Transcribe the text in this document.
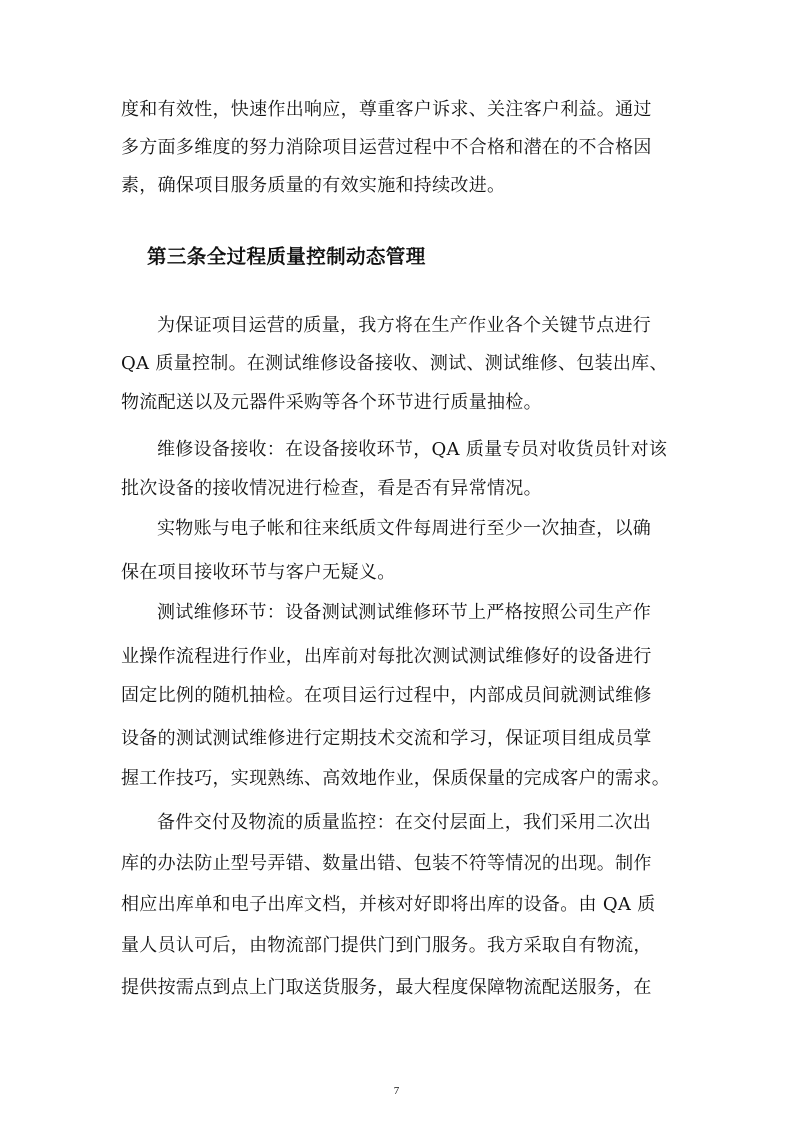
度和有效性，快速作出响应，尊重客户诉求、关注客户利益。通过
多方面多维度的努力消除项目运营过程中不合格和潜在的不合格因
素，确保项目服务质量的有效实施和持续改进。
第三条全过程质量控制动态管理
为保证项目运营的质量，我方将在生产作业各个关键节点进行
QA 质量控制。在测试维修设备接收、测试、测试维修、包装出库、
物流配送以及元器件采购等各个环节进行质量抽检。
维修设备接收：在设备接收环节，QA 质量专员对收货员针对该
批次设备的接收情况进行检查，看是否有异常情况。
实物账与电子帐和往来纸质文件每周进行至少一次抽查，以确
保在项目接收环节与客户无疑义。
测试维修环节：设备测试测试维修环节上严格按照公司生产作
业操作流程进行作业，出库前对每批次测试测试维修好的设备进行
固定比例的随机抽检。在项目运行过程中，内部成员间就测试维修
设备的测试测试维修进行定期技术交流和学习，保证项目组成员掌
握工作技巧，实现熟练、高效地作业，保质保量的完成客户的需求。
备件交付及物流的质量监控：在交付层面上，我们采用二次出
库的办法防止型号弄错、数量出错、包装不符等情况的出现。制作
相应出库单和电子出库文档，并核对好即将出库的设备。由 QA 质
量人员认可后，由物流部门提供门到门服务。我方采取自有物流，
提供按需点到点上门取送货服务，最大程度保障物流配送服务，在
7
